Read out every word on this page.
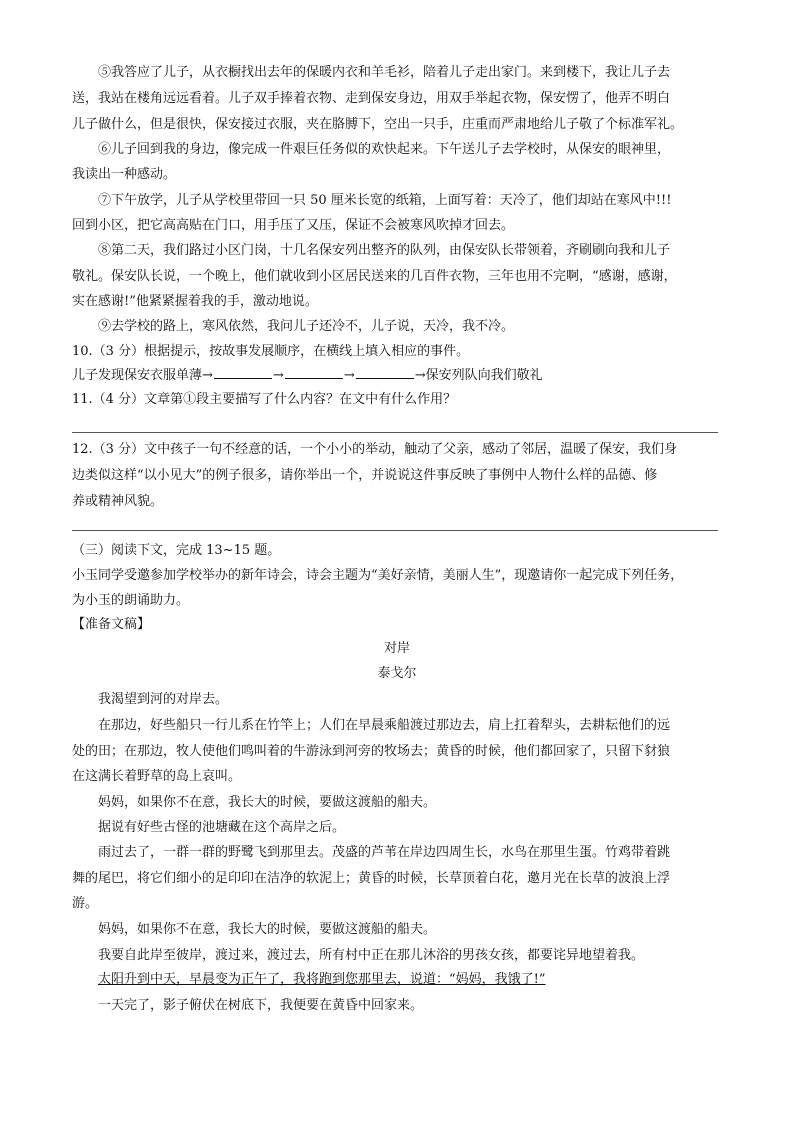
⑤我答应了儿子，从衣橱找出去年的保暖内衣和羊毛衫，陪着儿子走出家门。来到楼下，我让儿子去

送，我站在楼角远远看着。儿子双手捧着衣物、走到保安身边，用双手举起衣物，保安愣了，他弄不明白

儿子做什么，但是很快，保安接过衣服，夹在胳膊下，空出一只手，庄重而严肃地给儿子敬了个标准军礼。

⑥儿子回到我的身边，像完成一件艰巨任务似的欢快起来。下午送儿子去学校时，从保安的眼神里，

我读出一种感动。

⑦下午放学，儿子从学校里带回一只 50 厘米长宽的纸箱，上面写着：天冷了，他们却站在寒风中!!!

回到小区，把它高高贴在门口，用手压了又压，保证不会被寒风吹掉才回去。

⑧第二天，我们路过小区门岗，十几名保安列出整齐的队列，由保安队长带领着，齐刷刷向我和儿子

敬礼。保安队长说，一个晚上，他们就收到小区居民送来的几百件衣物，三年也用不完啊，“感谢，感谢，

实在感谢!”他紧紧握着我的手，激动地说。

⑨去学校的路上，寒风依然，我问儿子还冷不，儿子说，天冷，我不冷。

10.（3 分）根据提示，按故事发展顺序，在横线上填入相应的事件。

儿子发现保安衣服单薄→	→	→	→保安列队向我们敬礼

11.（4 分）文章第①段主要描写了什么内容？在文中有什么作用？

12.（3 分）文中孩子一句不经意的话，一个小小的举动，触动了父亲，感动了邻居，温暖了保安，我们身

边类似这样“以小见大”的例子很多，请你举出一个，并说说这件事反映了事例中人物什么样的品德、修

养或精神风貌。

（三）阅读下文，完成 13~15 题。

小玉同学受邀参加学校举办的新年诗会，诗会主题为“美好亲情，美丽人生”，现邀请你一起完成下列任务，

为小玉的朗诵助力。

【准备文稿】

对岸
泰戈尔

我渴望到河的对岸去。

在那边，好些船只一行儿系在竹竿上；人们在早晨乘船渡过那边去，肩上扛着犁头，去耕耘他们的远

处的田；在那边，牧人使他们鸣叫着的牛游泳到河旁的牧场去；黄昏的时候，他们都回家了，只留下豺狼

在这满长着野草的岛上哀叫。

妈妈，如果你不在意，我长大的时候，要做这渡船的船夫。

据说有好些古怪的池塘藏在这个高岸之后。

雨过去了，一群一群的野鹭飞到那里去。茂盛的芦苇在岸边四周生长，水鸟在那里生蛋。竹鸡带着跳

舞的尾巴，将它们细小的足印印在洁净的软泥上；黄昏的时候，长草顶着白花，邀月光在长草的波浪上浮

游。

妈妈，如果你不在意，我长大的时候，要做这渡船的船夫。

我要自此岸至彼岸，渡过来，渡过去，所有村中正在那儿沐浴的男孩女孩，都要诧异地望着我。

太阳升到中天，早晨变为正午了，我将跑到您那里去，说道：“妈妈，我饿了!”

一天完了，影子俯伏在树底下，我便要在黄昏中回家来。
